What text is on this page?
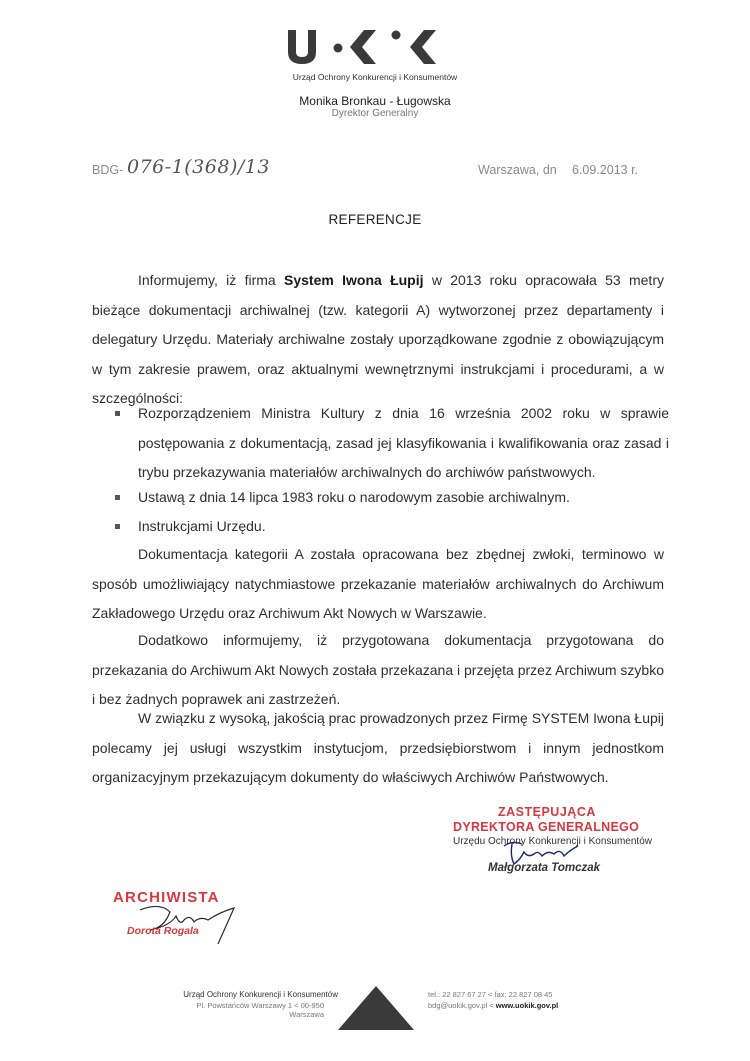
Urząd Ochrony Konkurencji i Konsumentów
Monika Bronkau - Ługowska
Dyrektor Generalny
BDG- 076-1(368)/13	Warszawa, dn 6.09.2013 r.
REFERENCJE
Informujemy, iż firma System Iwona Łupij w 2013 roku opracowała 53 metry bieżące dokumentacji archiwalnej (tzw. kategorii A) wytworzonej przez departamenty i delegatury Urzędu. Materiały archiwalne zostały uporządkowane zgodnie z obowiązującym w tym zakresie prawem, oraz aktualnymi wewnętrznymi instrukcjami i procedurami, a w szczególności:
Rozporządzeniem Ministra Kultury z dnia 16 września 2002 roku w sprawie postępowania z dokumentacją, zasad jej klasyfikowania i kwalifikowania oraz zasad i trybu przekazywania materiałów archiwalnych do archiwów państwowych.
Ustawą z dnia 14 lipca 1983 roku o narodowym zasobie archiwalnym.
Instrukcjami Urzędu.
Dokumentacja kategorii A została opracowana bez zbędnej zwłoki, terminowo w sposób umożliwiający natychmiastowe przekazanie materiałów archiwalnych do Archiwum Zakładowego Urzędu oraz Archiwum Akt Nowych w Warszawie.
Dodatkowo informujemy, iż przygotowana dokumentacja przygotowana do przekazania do Archiwum Akt Nowych została przekazana i przejęta przez Archiwum szybko i bez żadnych poprawek ani zastrzeżeń.
W związku z wysoką, jakością prac prowadzonych przez Firmę SYSTEM Iwona Łupij polecamy jej usługi wszystkim instytucjom, przedsiębiorstwom i innym jednostkom organizacyjnym przekazującym dokumenty do właściwych Archiwów Państwowych.
ZASTĘPUJĄCA
DYREKTORA GENERALNEGO
Urzędu Ochrony Konkurencji i Konsumentów
Małgorzata Tomczak
ARCHIWISTA
Dorota Rogala
Urząd Ochrony Konkurencji i Konsumentów
Pl. Powstańców Warszawy 1 < 00-950 Warszawa
tel.: 22 827 67 27 < fax: 22 827 08 45
bdg@uokik.gov.pl < www.uokik.gov.pl
